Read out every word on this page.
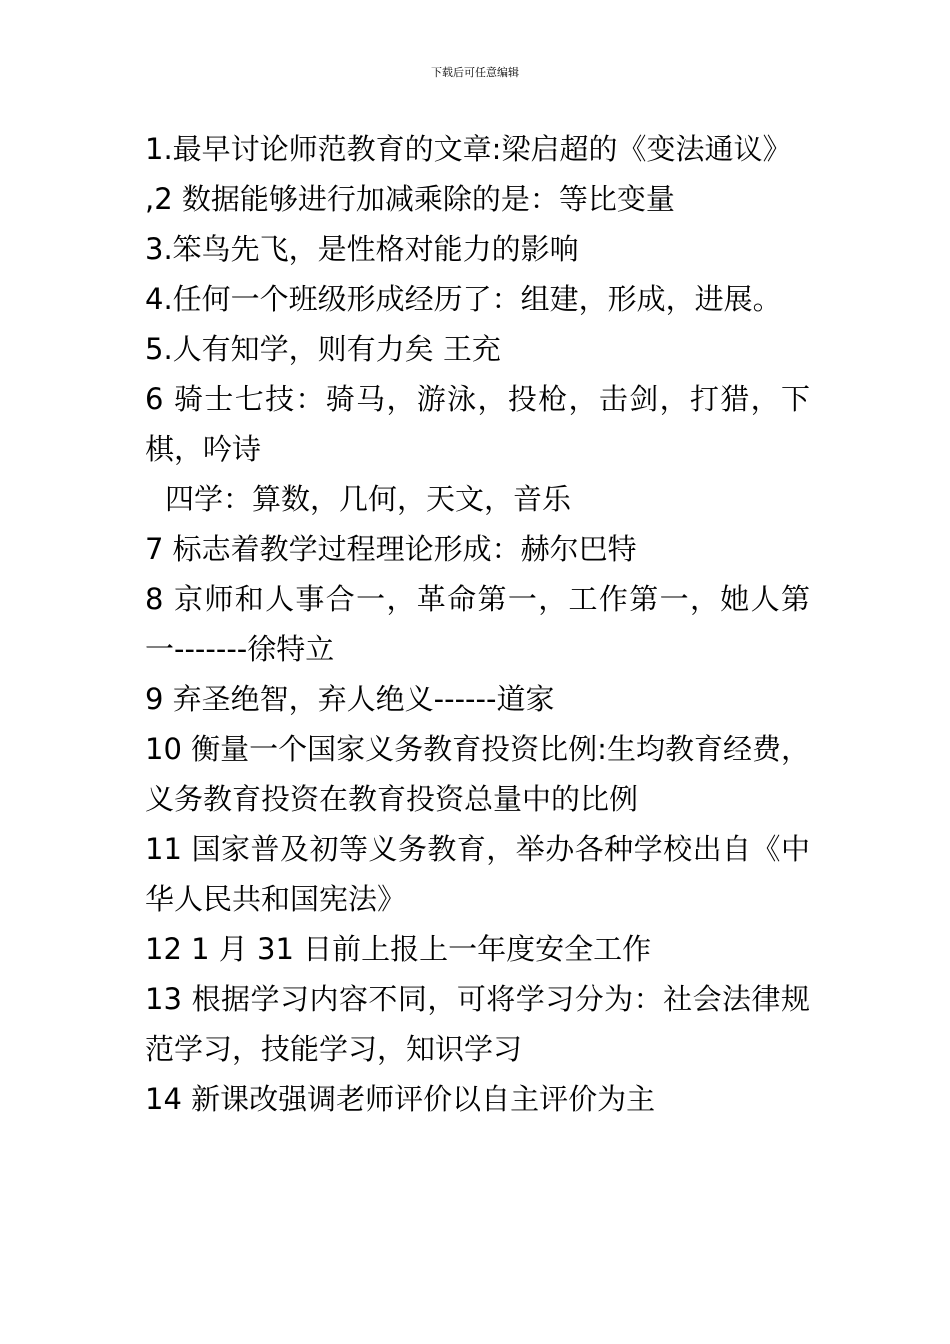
下载后可任意编辑

1.最早讨论师范教育的文章:梁启超的《变法通议》

,2 数据能够进行加减乘除的是：等比变量

3.笨鸟先飞，是性格对能力的影响

4.任何一个班级形成经历了：组建，形成，进展。

5.人有知学，则有力矣 王充

6 骑士七技：骑马，游泳，投枪，击剑，打猎，下棋，吟诗

四学：算数，几何，天文，音乐

7 标志着教学过程理论形成：赫尔巴特

8 京师和人事合一，革命第一，工作第一，她人第一-------徐特立

9 弃圣绝智，弃人绝义------道家

10 衡量一个国家义务教育投资比例:生均教育经费，义务教育投资在教育投资总量中的比例

11 国家普及初等义务教育，举办各种学校出自《中华人民共和国宪法》

12 1 月 31 日前上报上一年度安全工作

13 根据学习内容不同，可将学习分为：社会法律规范学习，技能学习，知识学习

14 新课改强调老师评价以自主评价为主
